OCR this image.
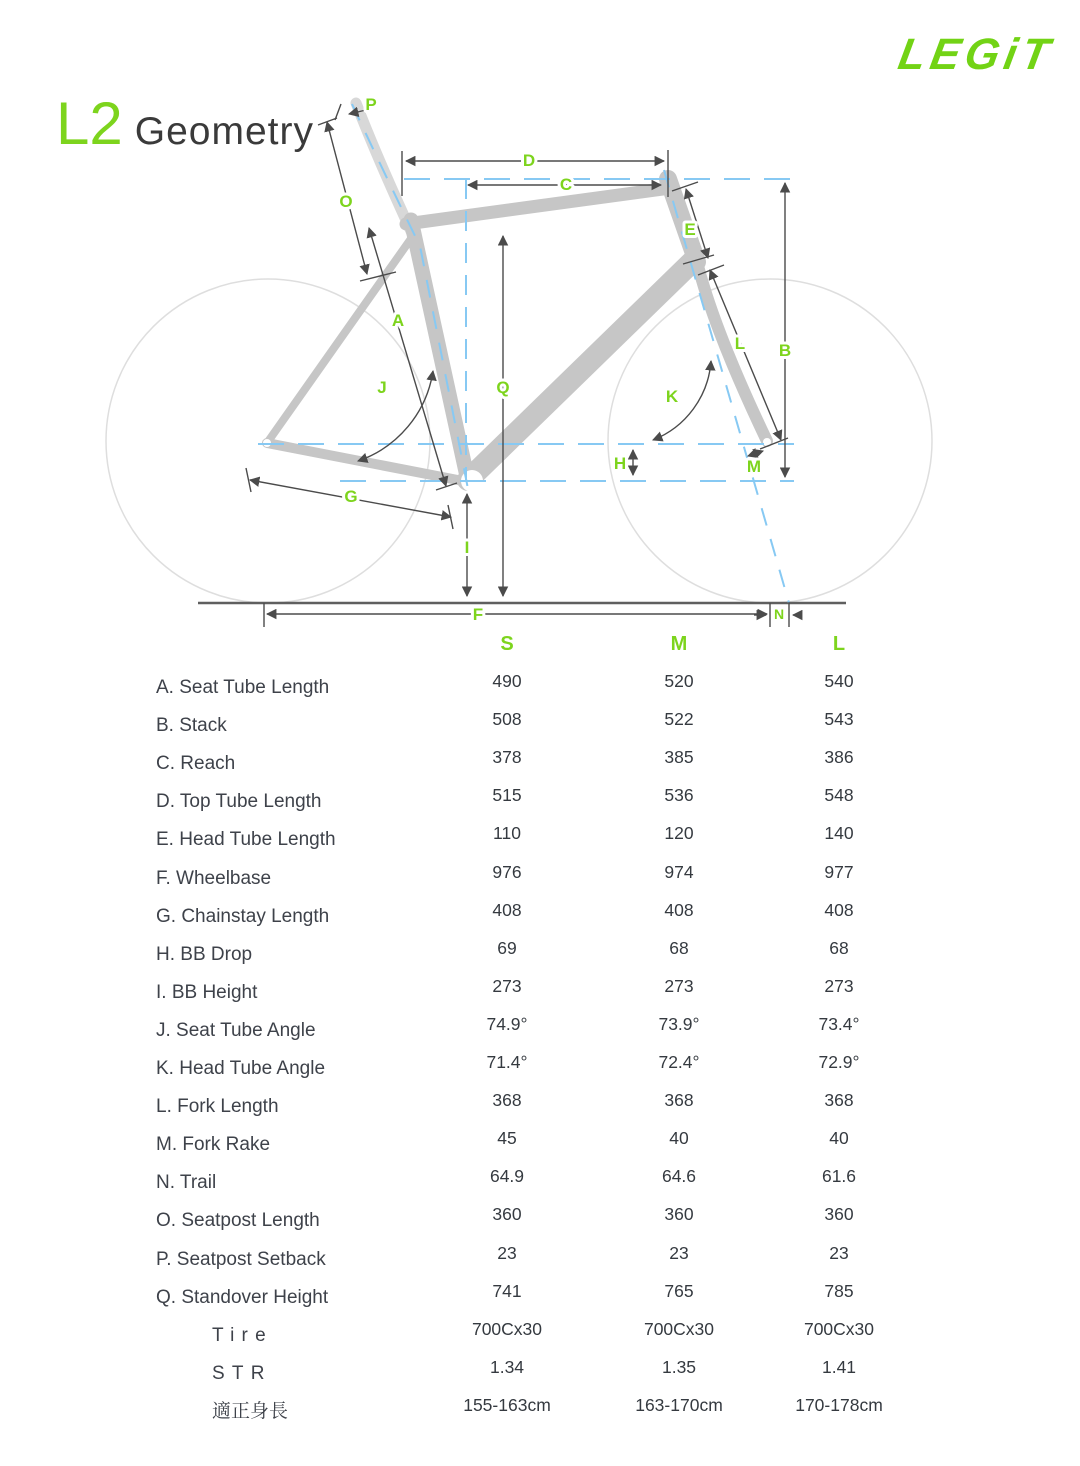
LEGiT
L2 Geometry
P
D
C
O
E
A
B
L
J	Q	K
H	M
G
I
F	N
S	M	L
A. Seat Tube Length	490	520	540
B. Stack	508	522	543
C. Reach	378	385	386
D. Top Tube Length	515	536	548
E. Head Tube Length	110	120	140
F. Wheelbase	976	974	977
G. Chainstay Length	408	408	408
H. BB Drop	69	68	68
I. BB Height	273	273	273
J. Seat Tube Angle	74.9°	73.9°	73.4°
K. Head Tube Angle	71.4°	72.4°	72.9°
L. Fork Length	368	368	368
M. Fork Rake	45	40	40
N. Trail	64.9	64.6	61.6
O. Seatpost Length	360	360	360
P. Seatpost Setback	23	23	23
Q. Standover Height	741	765	785
Tire	700Cx30	700Cx30	700Cx30
STR	1.34	1.35	1.41
適正身長	155-163cm	163-170cm	170-178cm
